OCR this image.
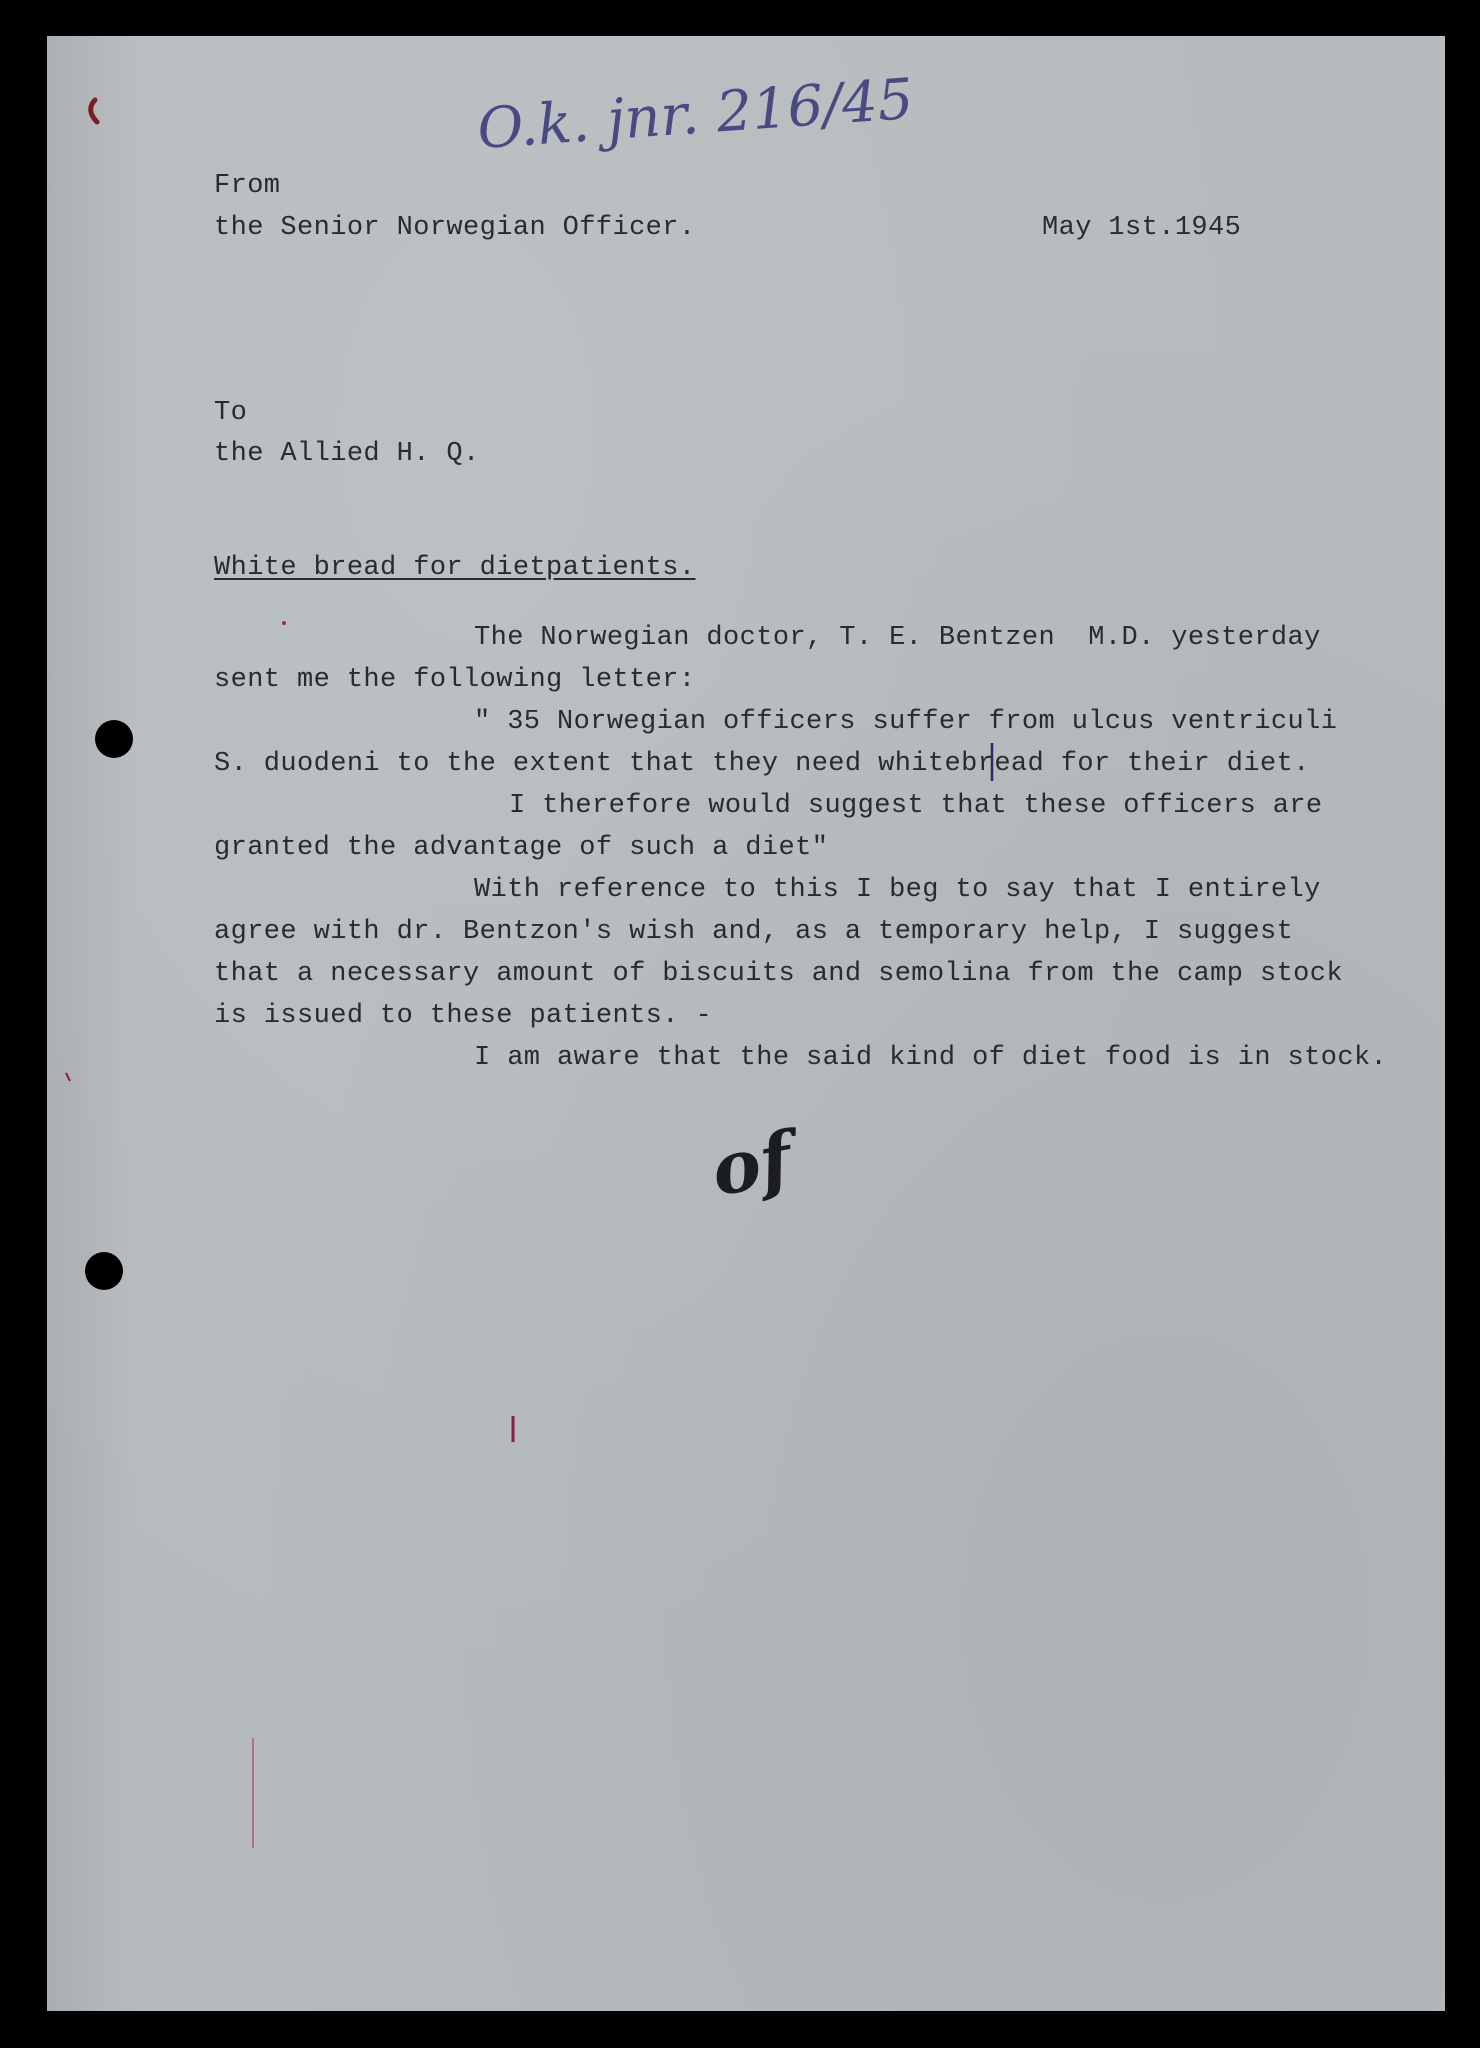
O.k. jnr. 216/45
From
the Senior Norwegian Officer.	May 1st.1945
To
the Allied H. Q.
White bread for dietpatients.
The Norwegian doctor, T. E. Bentzen  M.D. yesterday
sent me the following letter:
" 35 Norwegian officers suffer from ulcus ventriculi
S. duodeni to the extent that they need whitebread for their diet.
I therefore would suggest that these officers are
granted the advantage of such a diet"
With reference to this I beg to say that I entirely
agree with dr. Bentzon's wish and, as a temporary help, I suggest
that a necessary amount of biscuits and semolina from the camp stock
is issued to these patients. -
I am aware that the said kind of diet food is in stock.
of
